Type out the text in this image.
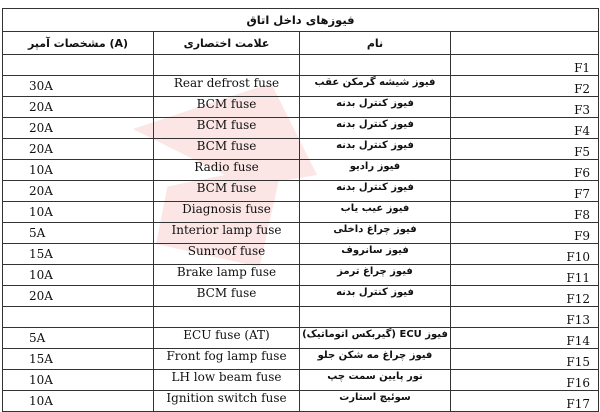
فیوزهای داخل اتاق			
مشخصات آمپر (A)	علامت اختصاری	نام	
			F1
30A	Rear defrost fuse	فیوز شیشه گرمکن عقب	F2
20A	BCM fuse	فیوز کنترل بدنه	F3
20A	BCM fuse	فیوز کنترل بدنه	F4
20A	BCM fuse	فیوز کنترل بدنه	F5
10A	Radio fuse	فیوز رادیو	F6
20A	BCM fuse	فیوز کنترل بدنه	F7
10A	Diagnosis fuse	فیوز عیب یاب	F8
5A	Interior lamp fuse	فیوز چراغ داخلی	F9
15A	Sunroof fuse	فیوز سانروف	F10
10A	Brake lamp fuse	فیوز چراغ ترمز	F11
20A	BCM fuse	فیوز کنترل بدنه	F12
			F13
5A	ECU fuse (AT)	فیوز ECU (گیربکس اتوماتیک)	F14
15A	Front fog lamp fuse	فیوز چراغ مه شکن جلو	F15
10A	LH low beam fuse	نور پایین سمت چپ	F16
10A	Ignition switch fuse	سوئیچ استارت	F17
